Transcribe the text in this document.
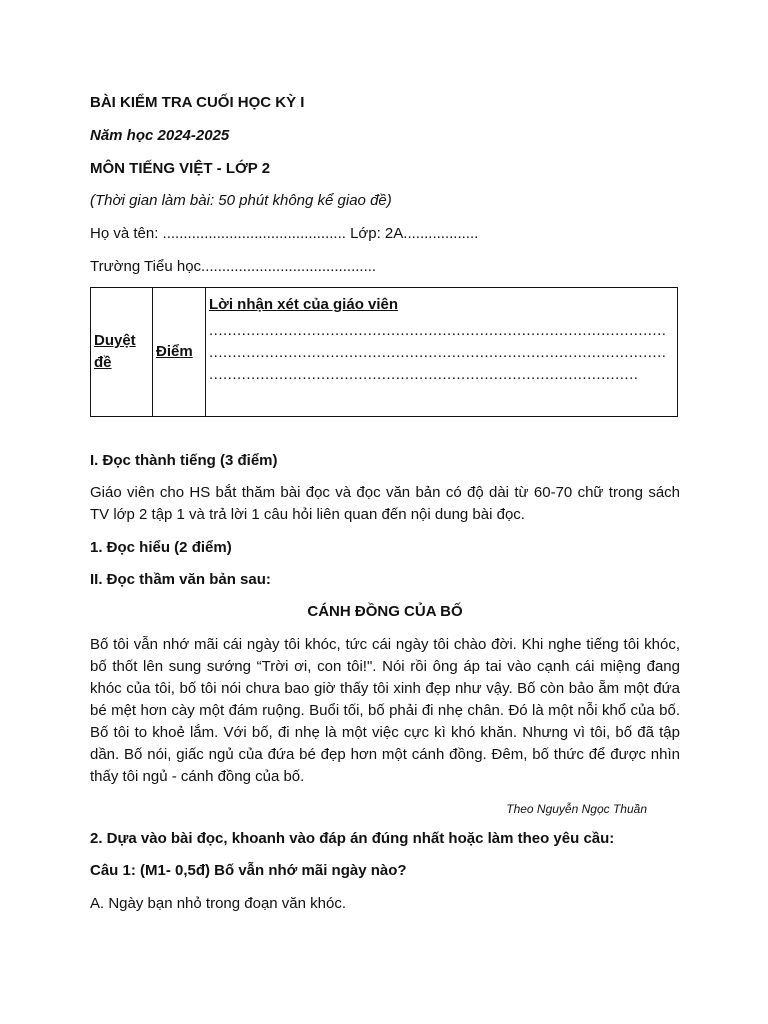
BÀI KIỂM TRA CUỐI HỌC KỲ I
Năm học 2024-2025
MÔN TIẾNG VIỆT - LỚP 2
(Thời gian làm bài: 50 phút không kể giao đề)
Họ và tên: ............................................ Lớp: 2A..................
Trường Tiểu học..........................................
Duyệt đề	Điểm	Lời nhận xét của giáo viên
..................................................................................................
..................................................................................................
............................................................................................
I. Đọc thành tiếng (3 điểm)
Giáo viên cho HS bắt thăm bài đọc và đọc văn bản có độ dài từ 60-70 chữ trong sách TV lớp 2 tập 1 và trả lời 1 câu hỏi liên quan đến nội dung bài đọc.
1. Đọc hiểu (2 điểm)
II. Đọc thầm văn bản sau:
CÁNH ĐỒNG CỦA BỐ
Bố tôi vẫn nhớ mãi cái ngày tôi khóc, tức cái ngày tôi chào đời. Khi nghe tiếng tôi khóc, bố thốt lên sung sướng “Trời ơi, con tôi!". Nói rồi ông áp tai vào cạnh cái miệng đang khóc của tôi, bố tôi nói chưa bao giờ thấy tôi xinh đẹp như vậy. Bố còn bảo ẵm một đứa bé mệt hơn cày một đám ruộng. Buổi tối, bố phải đi nhẹ chân. Đó là một nỗi khổ của bố. Bố tôi to khoẻ lắm. Với bố, đi nhẹ là một việc cực kì khó khăn. Nhưng vì tôi, bố đã tập dần. Bố nói, giấc ngủ của đứa bé đẹp hơn một cánh đồng. Đêm, bố thức để được nhìn thấy tôi ngủ - cánh đồng của bố.
Theo Nguyễn Ngọc Thuần
2. Dựa vào bài đọc, khoanh vào đáp án đúng nhất hoặc làm theo yêu cầu:
Câu 1: (M1- 0,5đ) Bố vẫn nhớ mãi ngày nào?
A. Ngày bạn nhỏ trong đoạn văn khóc.
